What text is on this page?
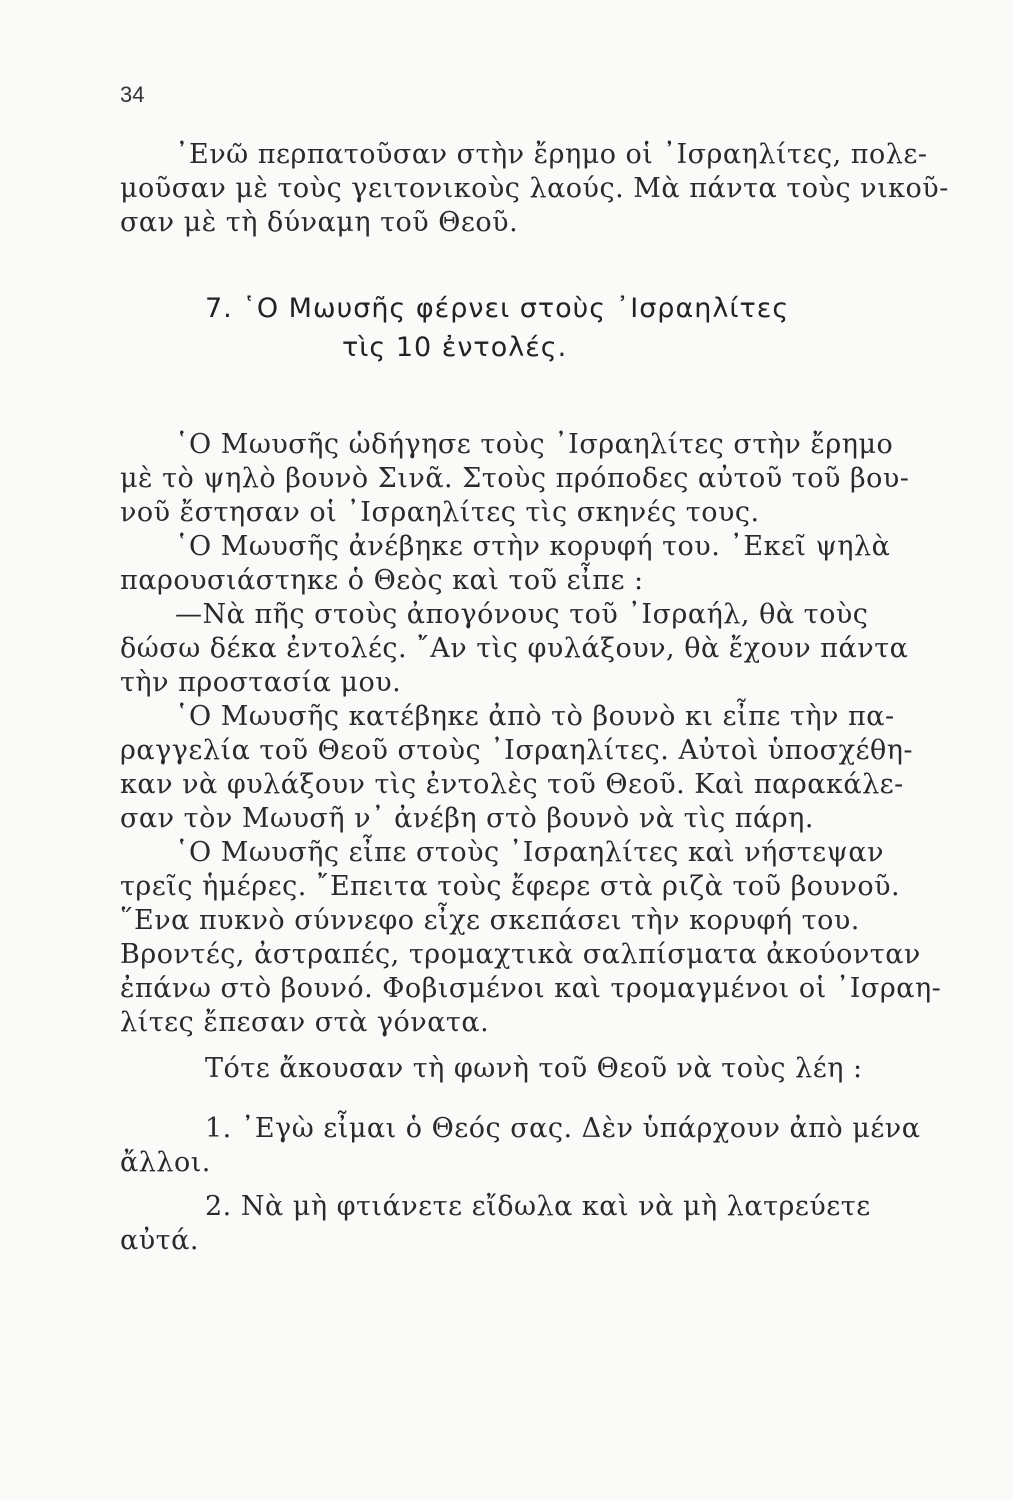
34
᾽Ενῶ περπατοῦσαν στὴν ἔρημο οἱ ᾽Ισραηλίτες, πολε-
μοῦσαν μὲ τοὺς γειτονικοὺς λαούς. Μὰ πάντα τοὺς νικοῦ-
σαν μὲ τὴ δύναμη τοῦ Θεοῦ.
7. ῾Ο Μωυσῆς φέρνει στοὺς ᾽Ισραηλίτες
τὶς 10 ἐντολές.
῾Ο Μωυσῆς ὡδήγησε τοὺς ᾽Ισραηλίτες στὴν ἔρημο
μὲ τὸ ψηλὸ βουνὸ Σινᾶ. Στοὺς πρόποδες αὐτοῦ τοῦ βου-
νοῦ ἔστησαν οἱ ᾽Ισραηλίτες τὶς σκηνές τους.
῾Ο Μωυσῆς ἀνέβηκε στὴν κορυφή του. ᾽Εκεῖ ψηλὰ
παρουσιάστηκε ὁ Θεὸς καὶ τοῦ εἶπε :
—Νὰ πῆς στοὺς ἀπογόνους τοῦ ᾽Ισραήλ, θὰ τοὺς
δώσω δέκα ἐντολές. ῎Αν τὶς φυλάξουν, θὰ ἔχουν πάντα
τὴν προστασία μου.
῾Ο Μωυσῆς κατέβηκε ἀπὸ τὸ βουνὸ κι εἶπε τὴν πα-
ραγγελία τοῦ Θεοῦ στοὺς ᾽Ισραηλίτες. Αὐτοὶ ὑποσχέθη-
καν νὰ φυλάξουν τὶς ἐντολὲς τοῦ Θεοῦ. Καὶ παρακάλε-
σαν τὸν Μωυσῆ ν᾽ ἀνέβη στὸ βουνὸ νὰ τὶς πάρη.
῾Ο Μωυσῆς εἶπε στοὺς ᾽Ισραηλίτες καὶ νήστεψαν
τρεῖς ἡμέρες. ῎Επειτα τοὺς ἔφερε στὰ ριζὰ τοῦ βουνοῦ.
῞Ενα πυκνὸ σύννεφο εἶχε σκεπάσει τὴν κορυφή του.
Βροντές, ἀστραπές, τρομαχτικὰ σαλπίσματα ἀκούονταν
ἐπάνω στὸ βουνό. Φοβισμένοι καὶ τρομαγμένοι οἱ ᾽Ισραη-
λίτες ἔπεσαν στὰ γόνατα.
Τότε ἄκουσαν τὴ φωνὴ τοῦ Θεοῦ νὰ τοὺς λέη :
1. ᾽Εγὼ εἶμαι ὁ Θεός σας. Δὲν ὑπάρχουν ἀπὸ μένα
ἄλλοι.
2. Νὰ μὴ φτιάνετε εἴδωλα καὶ νὰ μὴ λατρεύετε
αὐτά.
